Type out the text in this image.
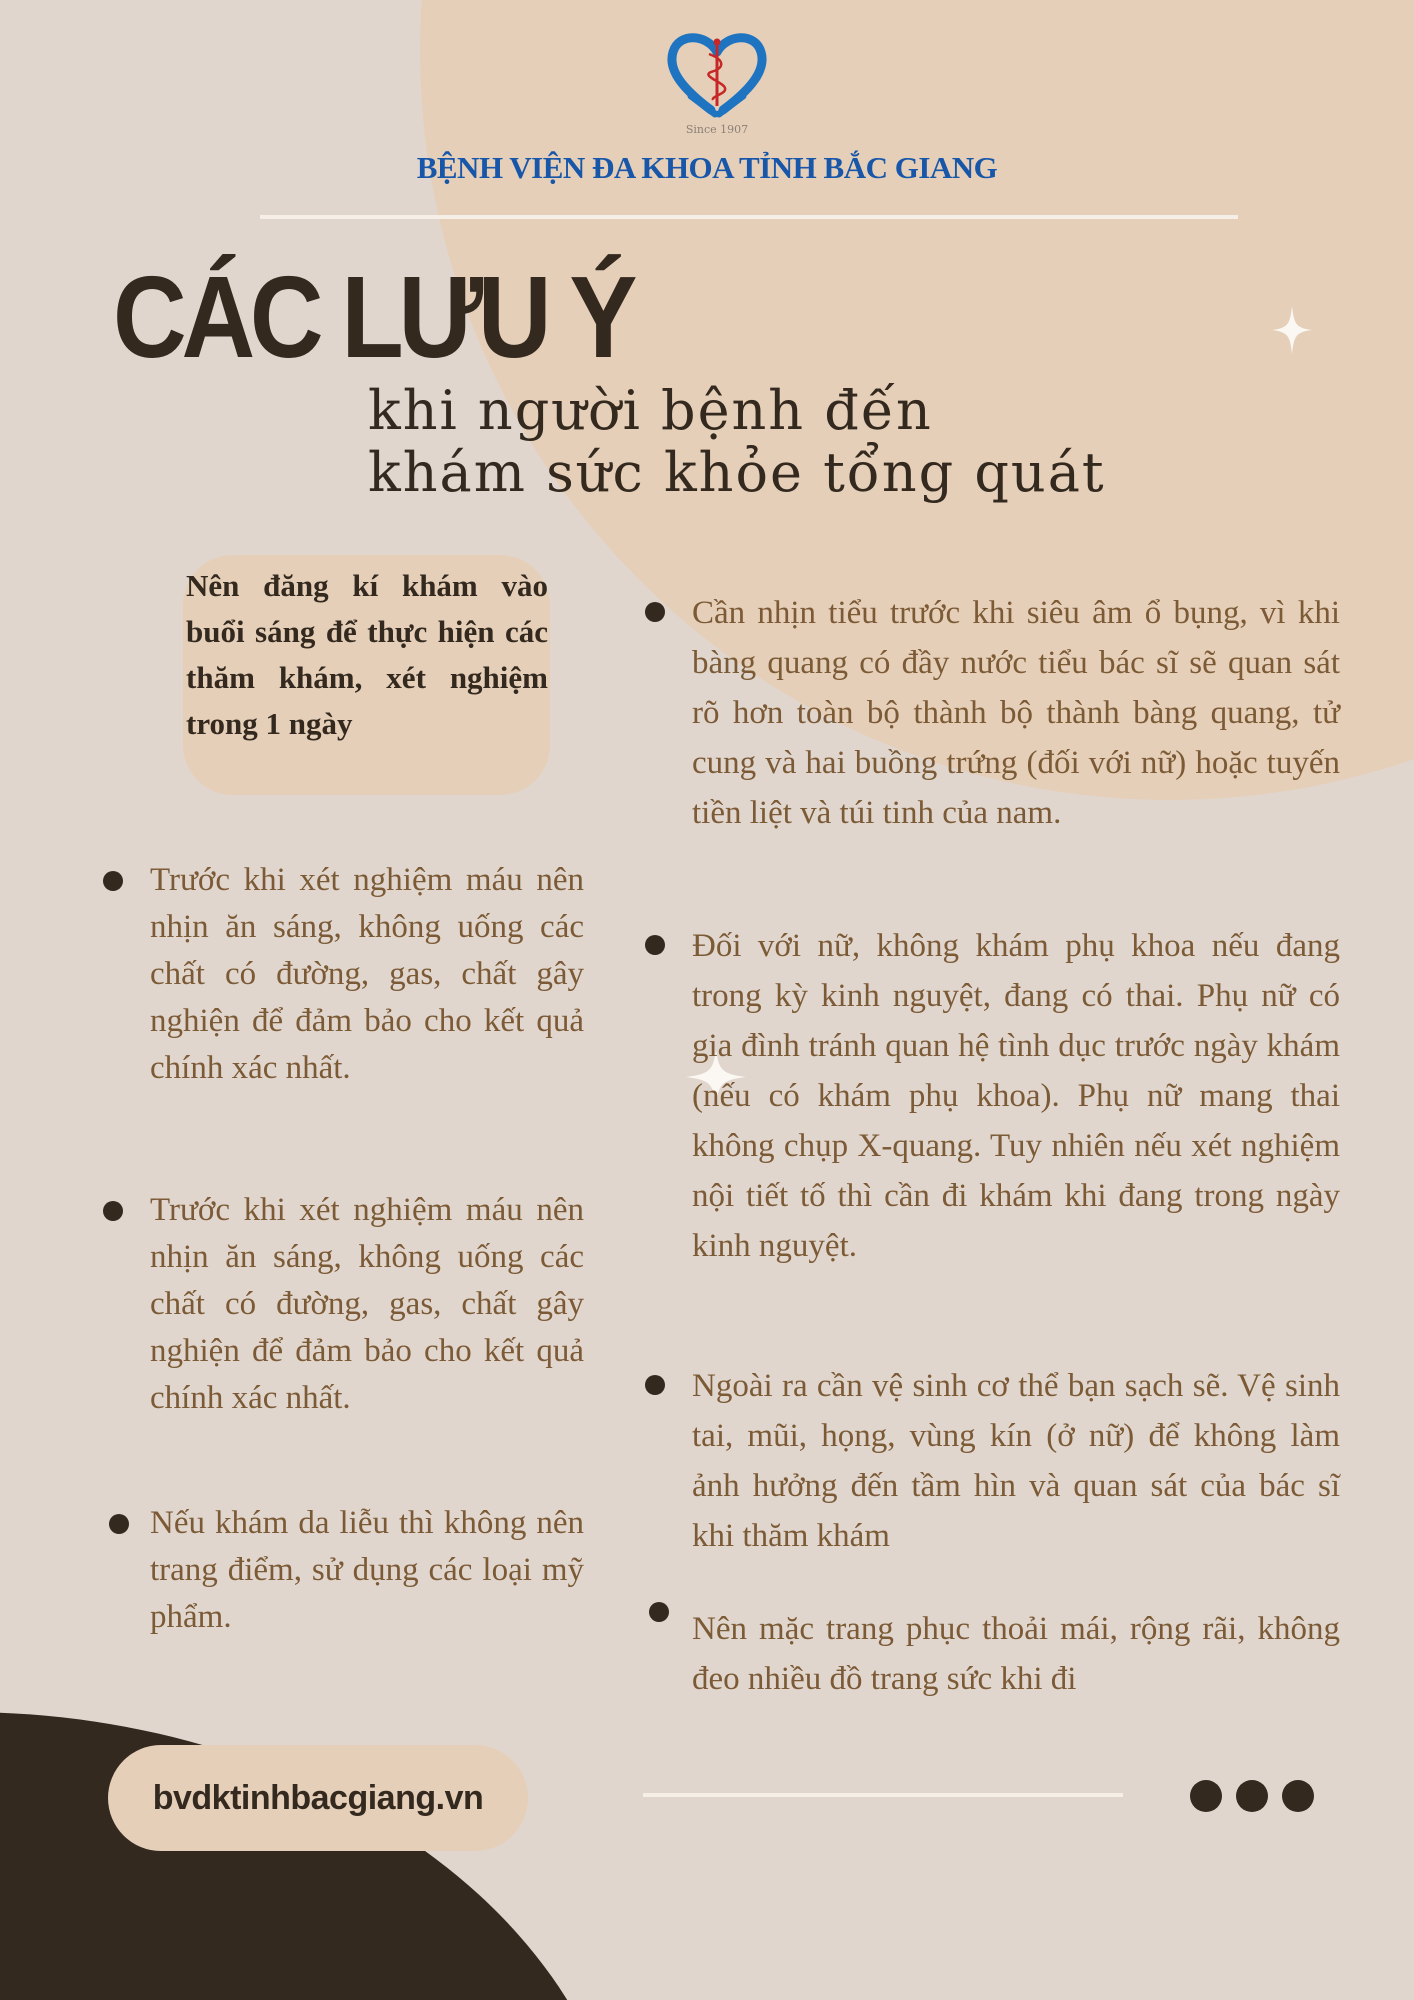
Since 1907
BỆNH VIỆN ĐA KHOA TỈNH BẮC GIANG
CÁC LƯU Ý
khi người bệnh đến
khám sức khỏe tổng quát
Nên đăng kí khám vào buổi sáng để thực hiện các thăm khám, xét nghiệm trong 1 ngày
Trước khi xét nghiệm máu nên nhịn ăn sáng, không uống các chất có đường, gas, chất gây nghiện để đảm bảo cho kết quả chính xác nhất.
Trước khi xét nghiệm máu nên nhịn ăn sáng, không uống các chất có đường, gas, chất gây nghiện để đảm bảo cho kết quả chính xác nhất.
Nếu khám da liễu thì không nên trang điểm, sử dụng các loại mỹ phẩm.
Cần nhịn tiểu trước khi siêu âm ổ bụng, vì khi bàng quang có đầy nước tiểu bác sĩ sẽ quan sát rõ hơn toàn bộ thành bộ thành bàng quang, tử cung và hai buồng trứng (đối với nữ) hoặc tuyến tiền liệt và túi tinh của nam.
Đối với nữ, không khám phụ khoa nếu đang trong kỳ kinh nguyệt, đang có thai. Phụ nữ có gia đình tránh quan hệ tình dục trước ngày khám (nếu có khám phụ khoa). Phụ nữ mang thai không chụp X-quang. Tuy nhiên nếu xét nghiệm nội tiết tố thì cần đi khám khi đang trong ngày kinh nguyệt.
Ngoài ra cần vệ sinh cơ thể bạn sạch sẽ. Vệ sinh tai, mũi, họng, vùng kín (ở nữ) để không làm ảnh hưởng đến tầm hìn và quan sát của bác sĩ khi thăm khám
Nên mặc trang phục thoải mái, rộng rãi, không đeo nhiều đồ trang sức khi đi
bvdktinhbacgiang.vn
